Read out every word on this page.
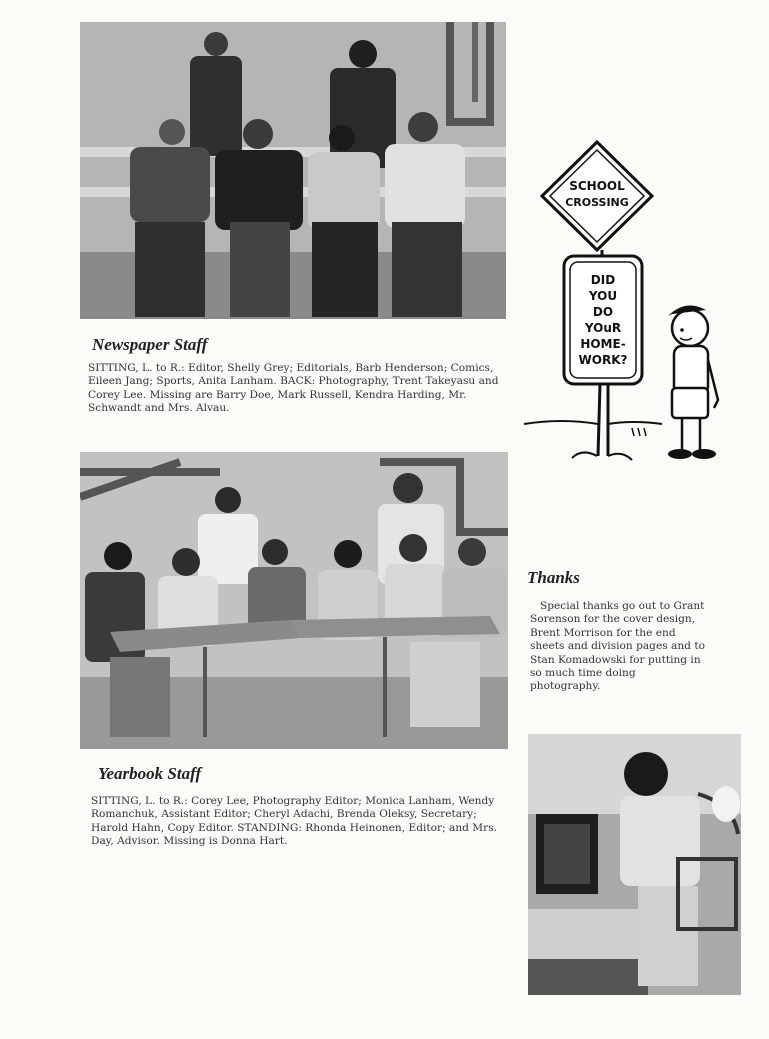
Newspaper Staff

SITTING, L. to R.: Editor, Shelly Grey; Editorials, Barb Henderson; Comics, Eileen Jang; Sports, Anita Lanham. BACK: Photography, Trent Takeyasu and Corey Lee. Missing are Barry Doe, Mark Russell, Kendra Harding, Mr. Schwandt and Mrs. Alvau.

SCHOOL
CROSSING
DID
YOU
DO
YOuR
HOME-
WORK?
Thanks

Special thanks go out to Grant Sorenson for the cover design, Brent Morrison for the end sheets and division pages and to Stan Komadowski for putting in so much time doing photography.

Yearbook Staff

SITTING, L. to R.: Corey Lee, Photography Editor; Monica Lanham, Wendy Romanchuk, Assistant Editor; Cheryl Adachi, Brenda Oleksy, Secretary; Harold Hahn, Copy Editor. STANDING: Rhonda Heinonen, Editor; and Mrs. Day, Advisor. Missing is Donna Hart.
